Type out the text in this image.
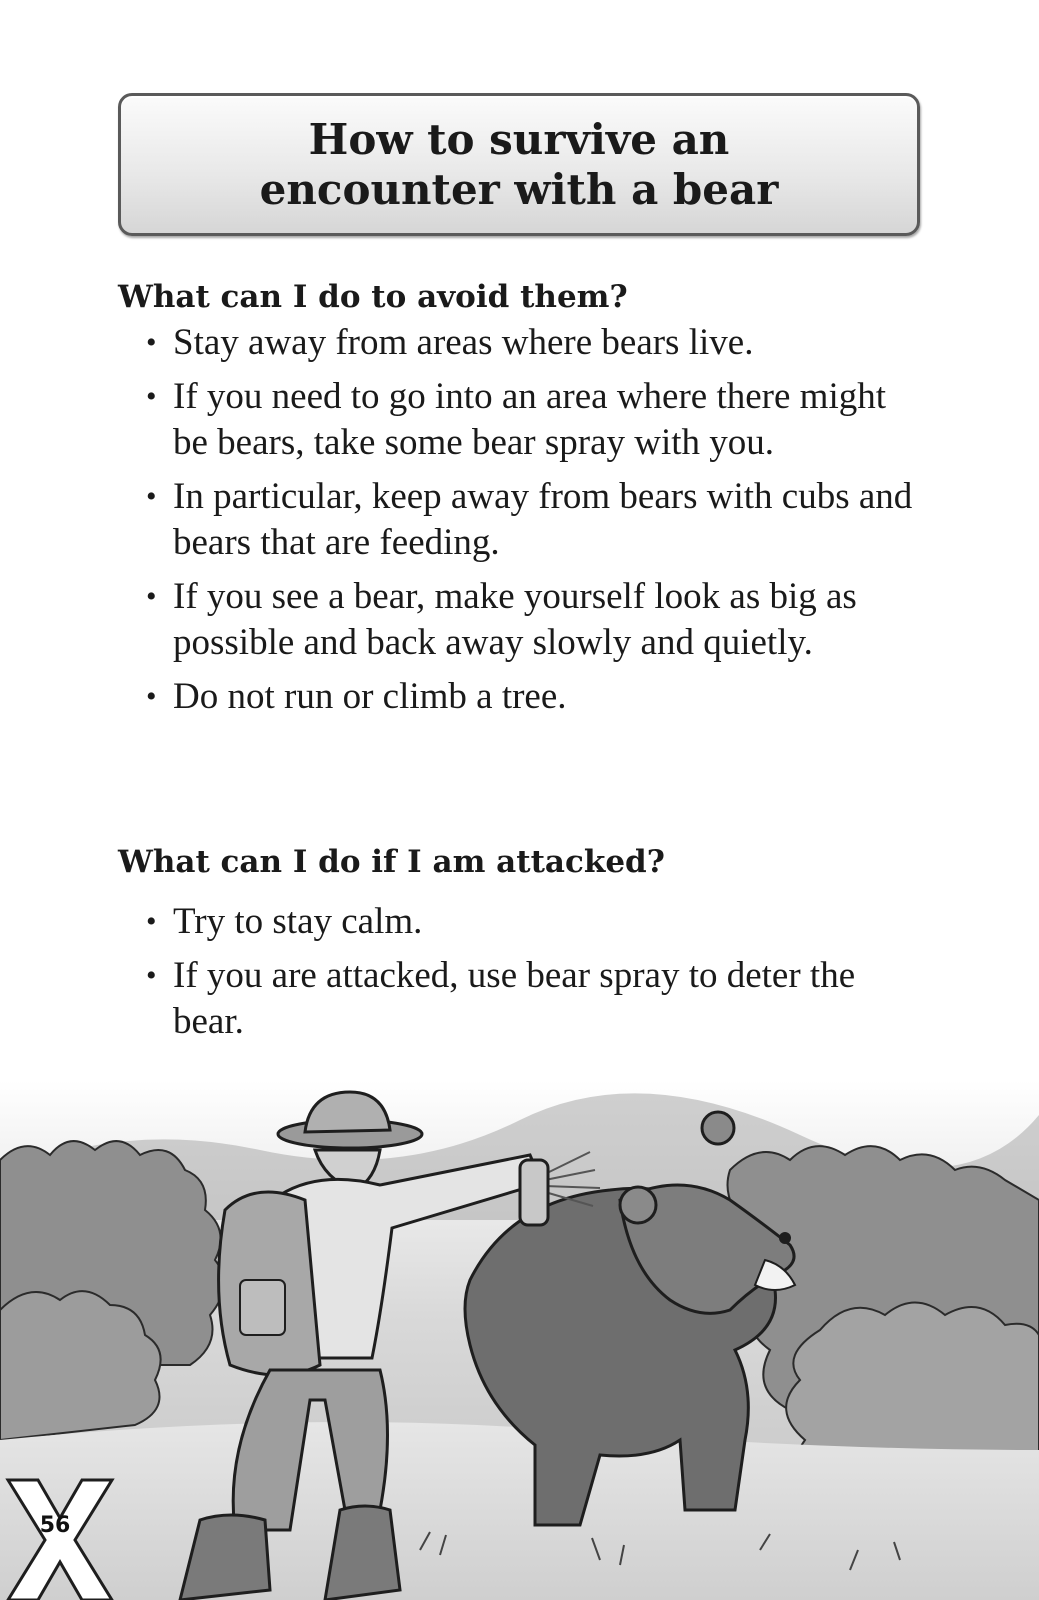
How to survive an encounter with a bear
What can I do to avoid them?
• Stay away from areas where bears live.
• If you need to go into an area where there might be bears, take some bear spray with you.
• In particular, keep away from bears with cubs and bears that are feeding.
• If you see a bear, make yourself look as big as possible and back away slowly and quietly.
• Do not run or climb a tree.
What can I do if I am attacked?
• Try to stay calm.
• If you are attacked, use bear spray to deter the bear.
56
